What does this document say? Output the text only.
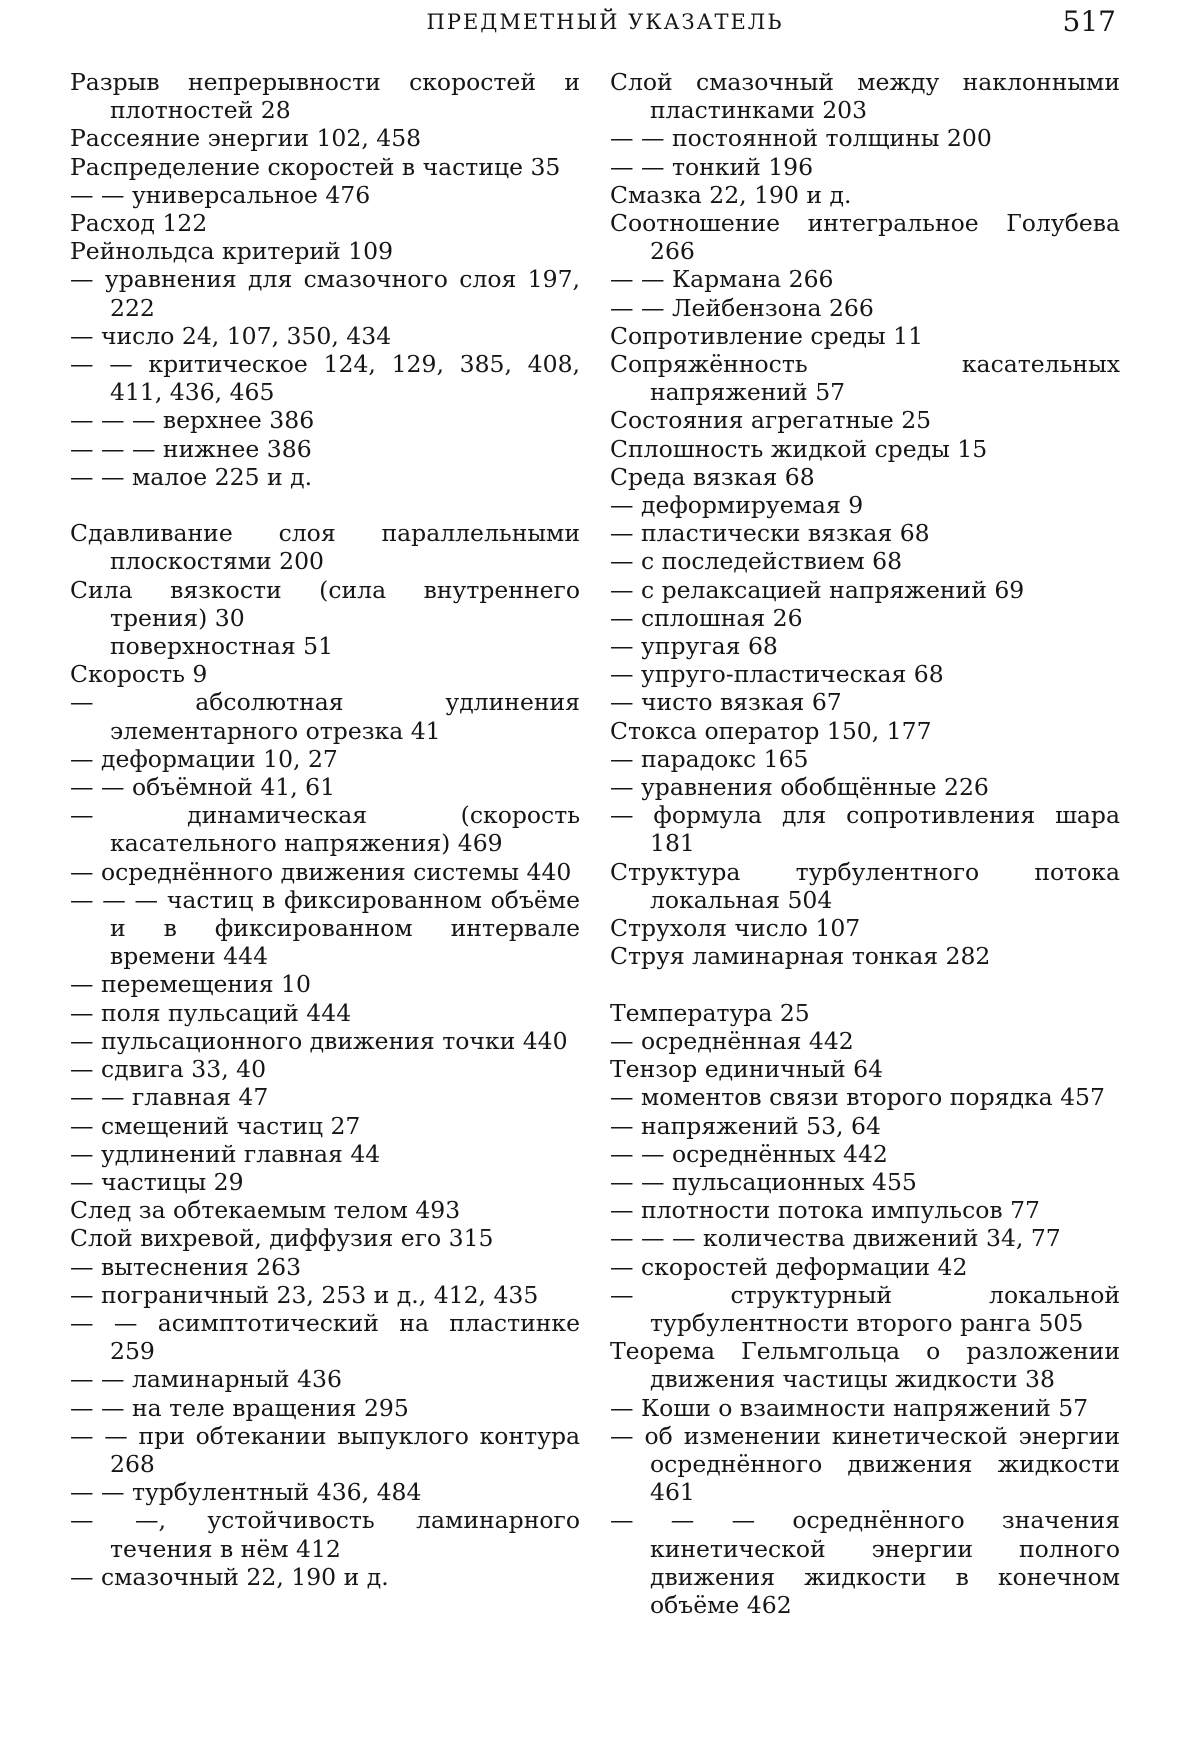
ПРЕДМЕТНЫЙ УКАЗАТЕЛЬ	517
Разрыв непрерывности скоростей и плотностей 28
Рассеяние энергии 102, 458
Распределение скоростей в частице 35
— — универсальное 476
Расход 122
Рейнольдса критерий 109
— уравнения для смазочного слоя 197, 222
— число 24, 107, 350, 434
— — критическое 124, 129, 385, 408, 411, 436, 465
— — — верхнее 386
— — — нижнее 386
— — малое 225 и д.
Сдавливание слоя параллельными плоскостями 200
Сила вязкости (сила внутреннего трения) 30
поверхностная 51
Скорость 9
— абсолютная удлинения элементарного отрезка 41
— деформации 10, 27
— — объёмной 41, 61
— динамическая (скорость касательного напряжения) 469
— осреднённого движения системы 440
— — — частиц в фиксированном объёме и в фиксированном интервале времени 444
— перемещения 10
— поля пульсаций 444
— пульсационного движения точки 440
— сдвига 33, 40
— — главная 47
— смещений частиц 27
— удлинений главная 44
— частицы 29
След за обтекаемым телом 493
Слой вихревой, диффузия его 315
— вытеснения 263
— пограничный 23, 253 и д., 412, 435
— — асимптотический на пластинке 259
— — ламинарный 436
— — на теле вращения 295
— — при обтекании выпуклого контура 268
— — турбулентный 436, 484
— —, устойчивость ламинарного течения в нём 412
— смазочный 22, 190 и д.
Слой смазочный между наклонными пластинками 203
— — постоянной толщины 200
— — тонкий 196
Смазка 22, 190 и д.
Соотношение интегральное Голубева 266
— — Кармана 266
— — Лейбензона 266
Сопротивление среды 11
Сопряжённость касательных напряжений 57
Состояния агрегатные 25
Сплошность жидкой среды 15
Среда вязкая 68
— деформируемая 9
— пластически вязкая 68
— с последействием 68
— с релаксацией напряжений 69
— сплошная 26
— упругая 68
— упруго-пластическая 68
— чисто вязкая 67
Стокса оператор 150, 177
— парадокс 165
— уравнения обобщённые 226
— формула для сопротивления шара 181
Структура турбулентного потока локальная 504
Струхоля число 107
Струя ламинарная тонкая 282
Температура 25
— осреднённая 442
Тензор единичный 64
— моментов связи второго порядка 457
— напряжений 53, 64
— — осреднённых 442
— — пульсационных 455
— плотности потока импульсов 77
— — — количества движений 34, 77
— скоростей деформации 42
— структурный локальной турбулентности второго ранга 505
Теорема Гельмгольца о разложении движения частицы жидкости 38
— Коши о взаимности напряжений 57
— об изменении кинетической энергии осреднённого движения жидкости 461
— — — осреднённого значения кинетической энергии полного движения жидкости в конечном объёме 462
